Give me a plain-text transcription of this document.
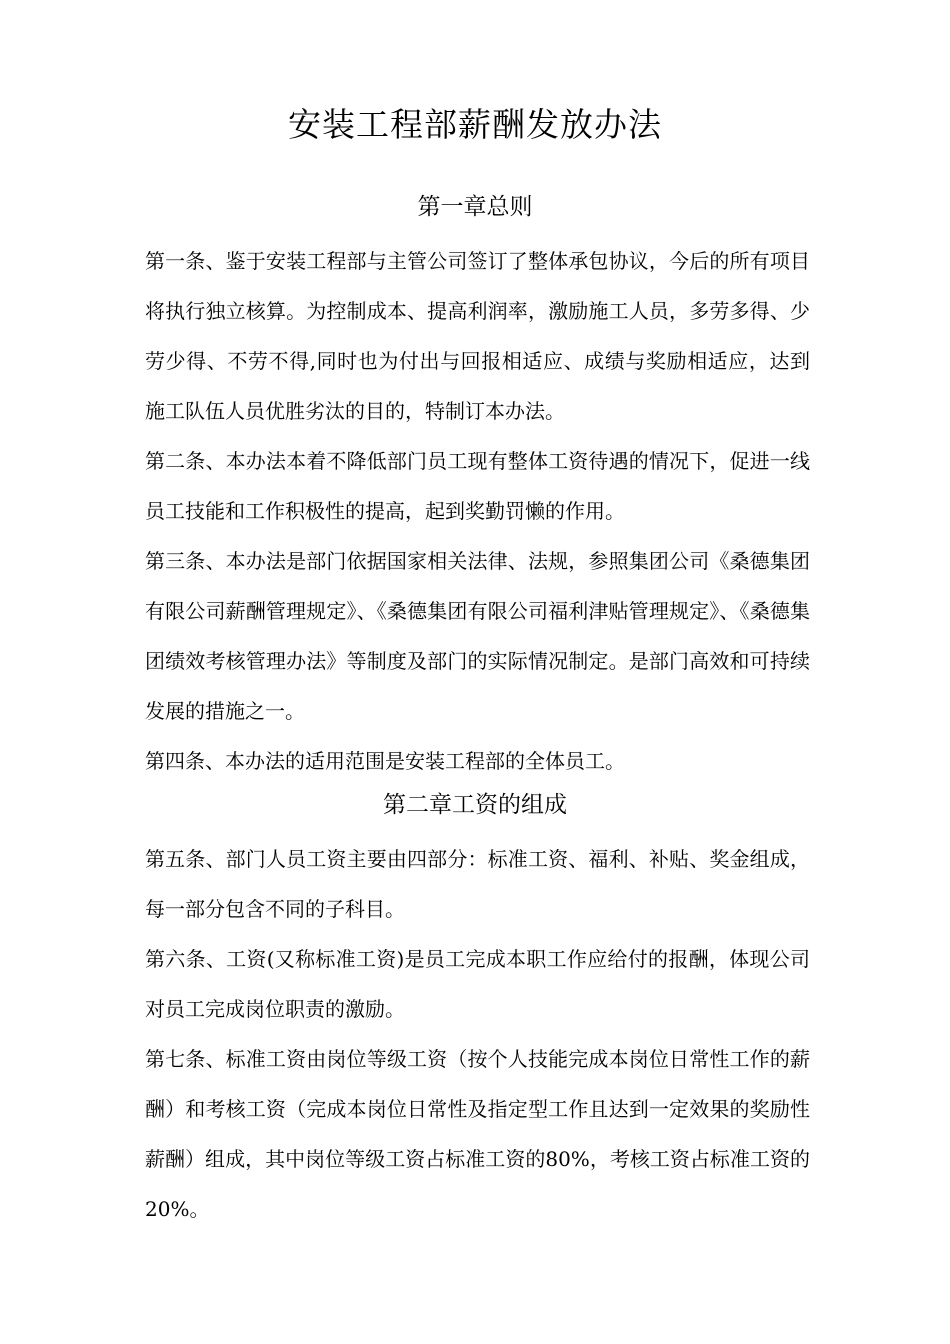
安装工程部薪酬发放办法
第一章总则
第一条、鉴于安装工程部与主管公司签订了整体承包协议，今后的所有项目将执行独立核算。为控制成本、提高利润率，激励施工人员，多劳多得、少劳少得、不劳不得,同时也为付出与回报相适应、成绩与奖励相适应，达到施工队伍人员优胜劣汰的目的，特制订本办法。
第二条、本办法本着不降低部门员工现有整体工资待遇的情况下，促进一线员工技能和工作积极性的提高，起到奖勤罚懒的作用。
第三条、本办法是部门依据国家相关法律、法规，参照集团公司《桑德集团有限公司薪酬管理规定》、《桑德集团有限公司福利津贴管理规定》、《桑德集团绩效考核管理办法》等制度及部门的实际情况制定。是部门高效和可持续发展的措施之一。
第四条、本办法的适用范围是安装工程部的全体员工。
第二章工资的组成
第五条、部门人员工资主要由四部分：标准工资、福利、补贴、奖金组成，每一部分包含不同的子科目。
第六条、工资(又称标准工资)是员工完成本职工作应给付的报酬，体现公司对员工完成岗位职责的激励。
第七条、标准工资由岗位等级工资（按个人技能完成本岗位日常性工作的薪酬）和考核工资（完成本岗位日常性及指定型工作且达到一定效果的奖励性薪酬）组成，其中岗位等级工资占标准工资的80%，考核工资占标准工资的20%。
